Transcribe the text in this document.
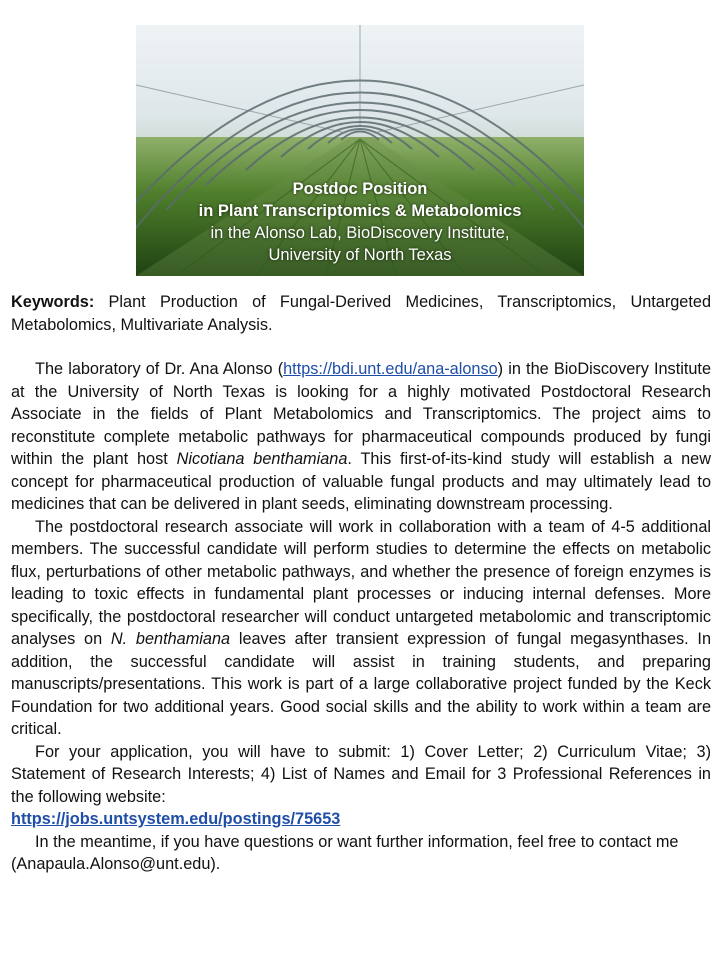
Postdoc Position
in Plant Transcriptomics & Metabolomics
in the Alonso Lab, BioDiscovery Institute,
University of North Texas

Keywords: Plant Production of Fungal-Derived Medicines, Transcriptomics, Untargeted Metabolomics, Multivariate Analysis.

The laboratory of Dr. Ana Alonso (https://bdi.unt.edu/ana-alonso) in the BioDiscovery Institute at the University of North Texas is looking for a highly motivated Postdoctoral Research Associate in the fields of Plant Metabolomics and Transcriptomics. The project aims to reconstitute complete metabolic pathways for pharmaceutical compounds produced by fungi within the plant host Nicotiana benthamiana. This first-of-its-kind study will establish a new concept for pharmaceutical production of valuable fungal products and may ultimately lead to medicines that can be delivered in plant seeds, eliminating downstream processing.

The postdoctoral research associate will work in collaboration with a team of 4-5 additional members. The successful candidate will perform studies to determine the effects on metabolic flux, perturbations of other metabolic pathways, and whether the presence of foreign enzymes is leading to toxic effects in fundamental plant processes or inducing internal defenses. More specifically, the postdoctoral researcher will conduct untargeted metabolomic and transcriptomic analyses on N. benthamiana leaves after transient expression of fungal megasynthases. In addition, the successful candidate will assist in training students, and preparing manuscripts/presentations. This work is part of a large collaborative project funded by the Keck Foundation for two additional years. Good social skills and the ability to work within a team are critical.

For your application, you will have to submit: 1) Cover Letter; 2) Curriculum Vitae; 3) Statement of Research Interests; 4) List of Names and Email for 3 Professional References in the following website:

https://jobs.untsystem.edu/postings/75653

In the meantime, if you have questions or want further information, feel free to contact me (Anapaula.Alonso@unt.edu).
